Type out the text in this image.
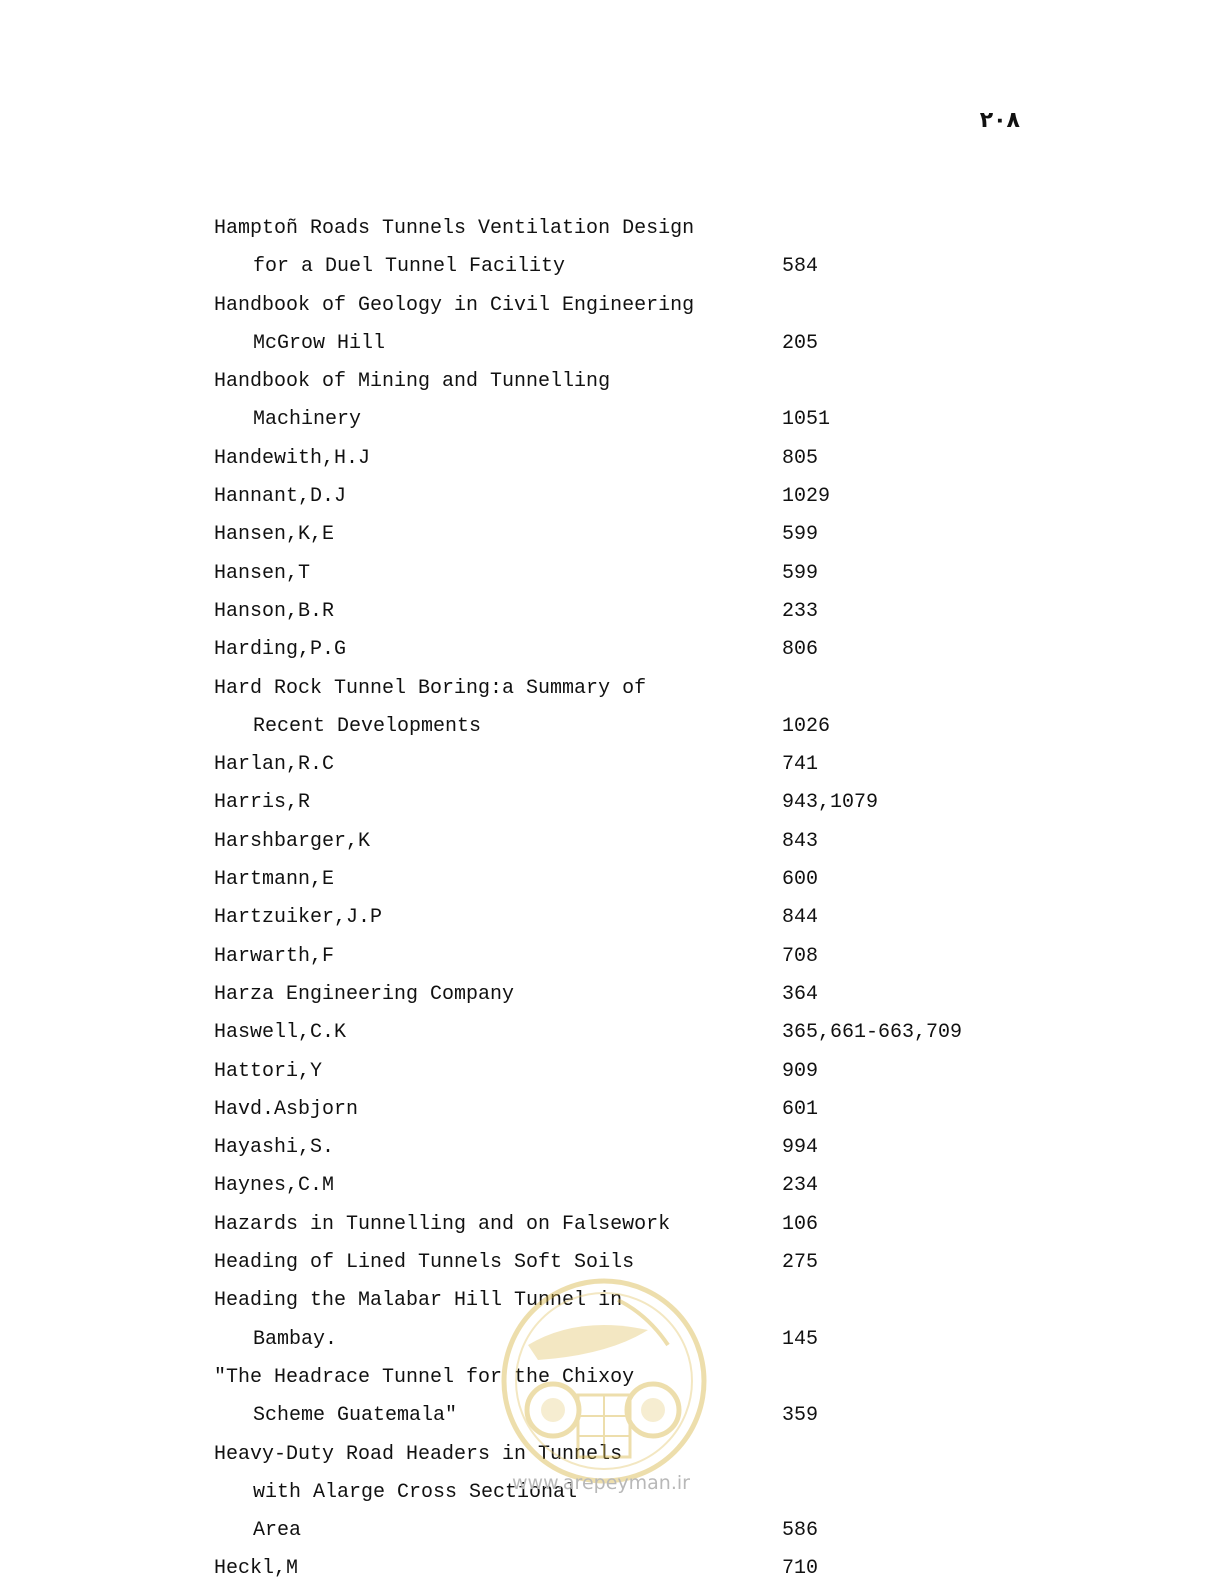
۲۰۸
Hamptoñ Roads Tunnels Ventilation Design
for a Duel Tunnel Facility	584
Handbook of Geology in Civil Engineering
McGrow Hill	205
Handbook of Mining and Tunnelling
Machinery	1051
Handewith,H.J	805
Hannant,D.J	1029
Hansen,K,E	599
Hansen,T	599
Hanson,B.R	233
Harding,P.G	806
Hard Rock Tunnel Boring:a Summary of
Recent Developments	1026
Harlan,R.C	741
Harris,R	943,1079
Harshbarger,K	843
Hartmann,E	600
Hartzuiker,J.P	844
Harwarth,F	708
Harza Engineering Company	364
Haswell,C.K	365,661-663,709
Hattori,Y	909
Havd.Asbjorn	601
Hayashi,S.	994
Haynes,C.M	234
Hazards in Tunnelling and on Falsework	106
Heading of Lined Tunnels Soft Soils	275
Heading the Malabar Hill Tunnel in
Bambay.	145
"The Headrace Tunnel for the Chixoy
Scheme Guatemala"	359
Heavy-Duty Road Headers in Tunnels
with Alarge Cross Sectional
Area	586
Heckl,M	710
www.arepeyman.ir
